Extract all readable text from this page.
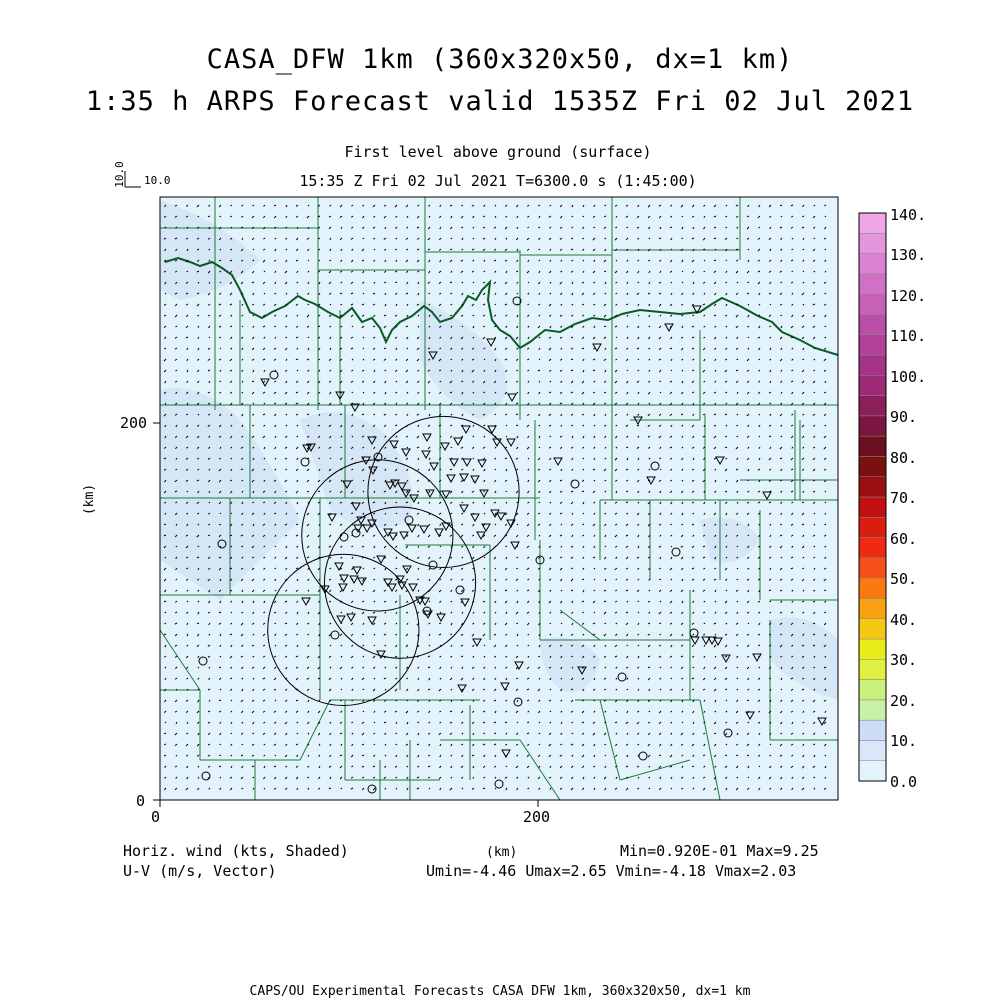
CASA_DFW 1km (360x320x50, dx=1 km)
1:35 h ARPS Forecast valid 1535Z Fri 02 Jul 2021
First level above ground (surface)
15:35 Z Fri 02 Jul 2021 T=6300.0 s (1:45:00)
0	200
0
200
(km)
(km)
10.0 10.0
0.0
10.
20.
30.
40.
50.
60.
70.
80.
90.
100.
110.
120.
130.
140.
Horiz. wind (kts, Shaded)
U-V (m/s, Vector)
Min=0.920E-01 Max=9.25
Umin=-4.46 Umax=2.65 Vmin=-4.18 Vmax=2.03
CAPS/OU Experimental Forecasts CASA DFW 1km, 360x320x50, dx=1 km
